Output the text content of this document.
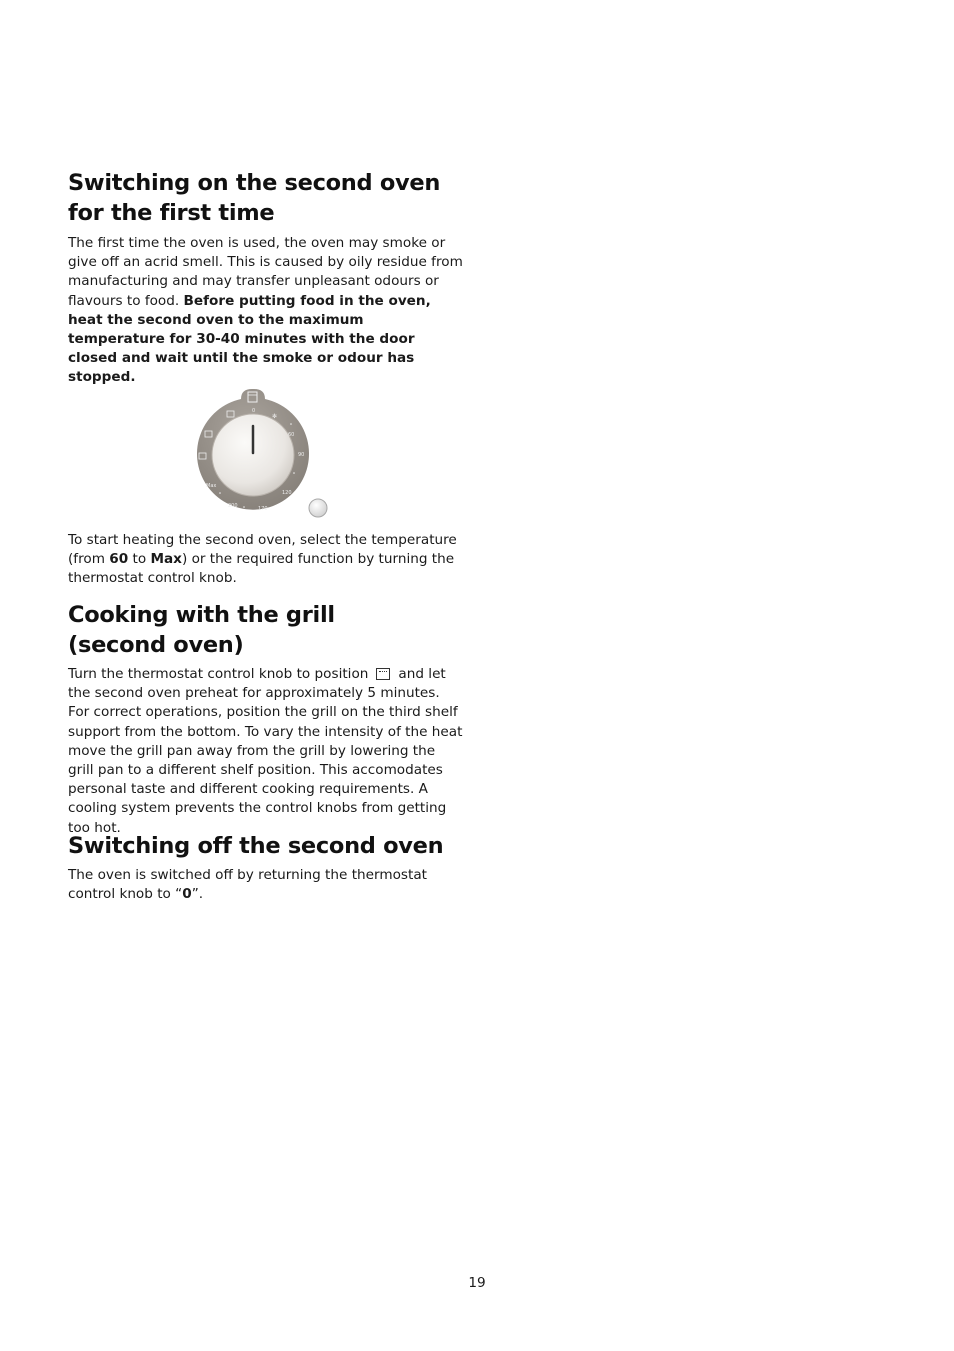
Switching on the second oven for the first time

The first time the oven is used, the oven may smoke or give off an acrid smell. This is caused by oily residue from manufacturing and may transfer unpleasant odours or flavours to food. Before putting food in the oven, heat the second oven to the maximum temperature for 30-40 minutes with the door closed and wait until the smoke or odour has stopped.

0
✻
60
90
120
170
200
Max

To start heating the second oven, select the temperature (from 60 to Max) or the required function by turning the thermostat control knob.

Cooking with the grill (second oven)

Turn the thermostat control knob to position and let the second oven preheat for approximately 5 minutes. For correct operations, position the grill on the third shelf support from the bottom. To vary the intensity of the heat move the grill pan away from the grill by lowering the grill pan to a different shelf position. This accomodates personal taste and different cooking requirements. A cooling system prevents the control knobs from getting too hot.

Switching off the second oven

The oven is switched off by returning the thermostat control knob to “0”.

19
